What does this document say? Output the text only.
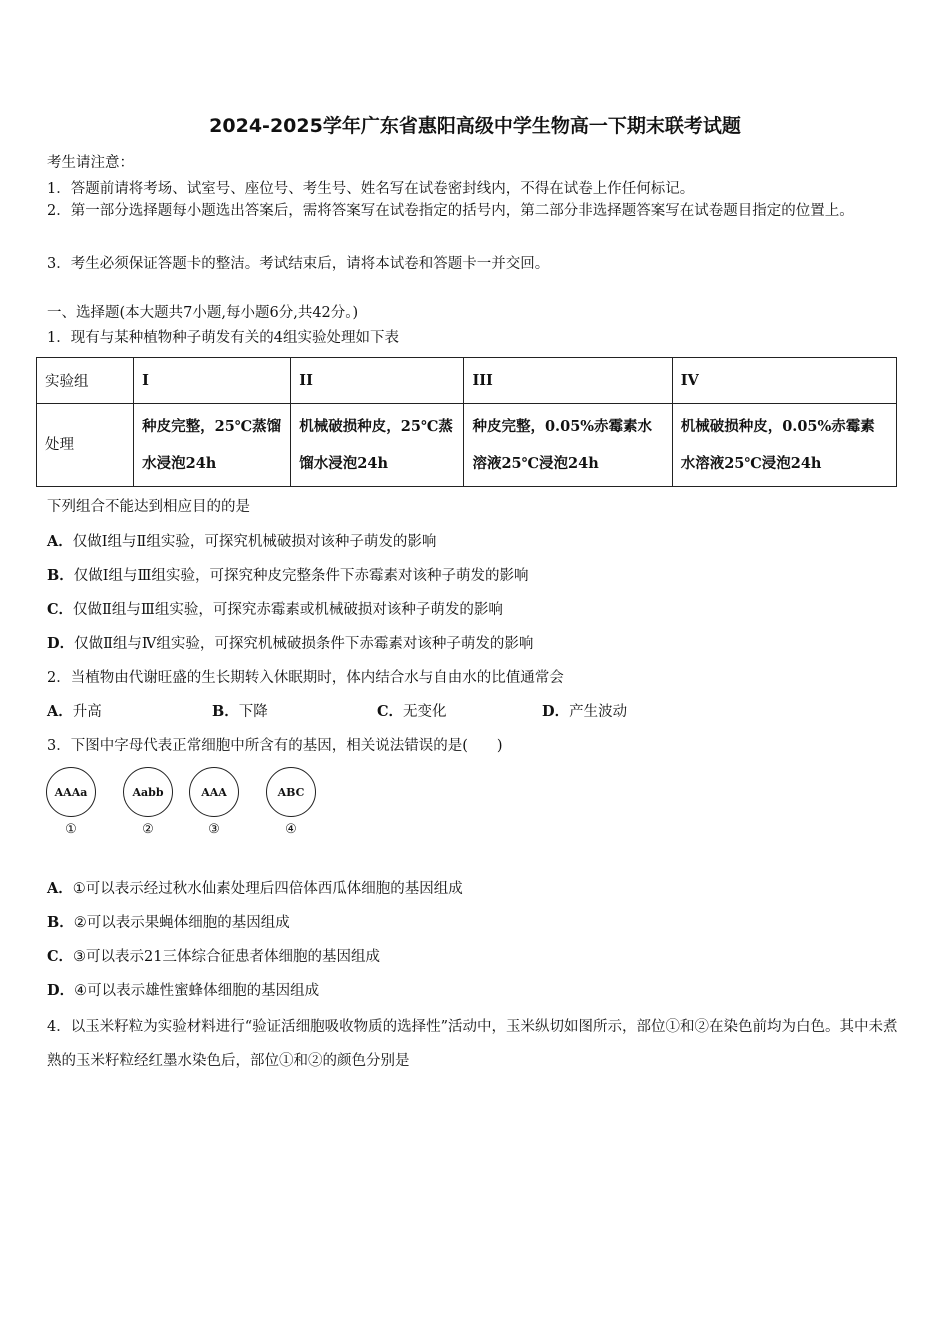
2024-2025学年广东省惠阳高级中学生物高一下期末联考试题
考生请注意：
1．答题前请将考场、试室号、座位号、考生号、姓名写在试卷密封线内，不得在试卷上作任何标记。
2．第一部分选择题每小题选出答案后，需将答案写在试卷指定的括号内，第二部分非选择题答案写在试卷题目指定的位置上。
3．考生必须保证答题卡的整洁。考试结束后，请将本试卷和答题卡一并交回。
一、选择题(本大题共7小题,每小题6分,共42分。)
1．现有与某种植物种子萌发有关的4组实验处理如下表
实验组	I	II	III	IV
处理	种皮完整，25℃蒸馏水浸泡24h	机械破损种皮，25℃蒸馏水浸泡24h	种皮完整，0.05%赤霉素水溶液25℃浸泡24h	机械破损种皮，0.05%赤霉素水溶液25℃浸泡24h
下列组合不能达到相应目的的是
A．仅做Ⅰ组与Ⅱ组实验，可探究机械破损对该种子萌发的影响
B．仅做Ⅰ组与Ⅲ组实验，可探究种皮完整条件下赤霉素对该种子萌发的影响
C．仅做Ⅱ组与Ⅲ组实验，可探究赤霉素或机械破损对该种子萌发的影响
D．仅做Ⅱ组与Ⅳ组实验，可探究机械破损条件下赤霉素对该种子萌发的影响
2．当植物由代谢旺盛的生长期转入休眠期时，体内结合水与自由水的比值通常会
A．升高	B．下降	C．无变化	D．产生波动
3．下图中字母代表正常细胞中所含有的基因，相关说法错误的是(　　)
AAAa
①
Aabb
②
AAA
③
ABC
④
A．①可以表示经过秋水仙素处理后四倍体西瓜体细胞的基因组成
B．②可以表示果蝇体细胞的基因组成
C．③可以表示21三体综合征患者体细胞的基因组成
D．④可以表示雄性蜜蜂体细胞的基因组成
4．以玉米籽粒为实验材料进行“验证活细胞吸收物质的选择性”活动中，玉米纵切如图所示，部位①和②在染色前均为白色。其中未煮熟的玉米籽粒经红墨水染色后，部位①和②的颜色分别是
